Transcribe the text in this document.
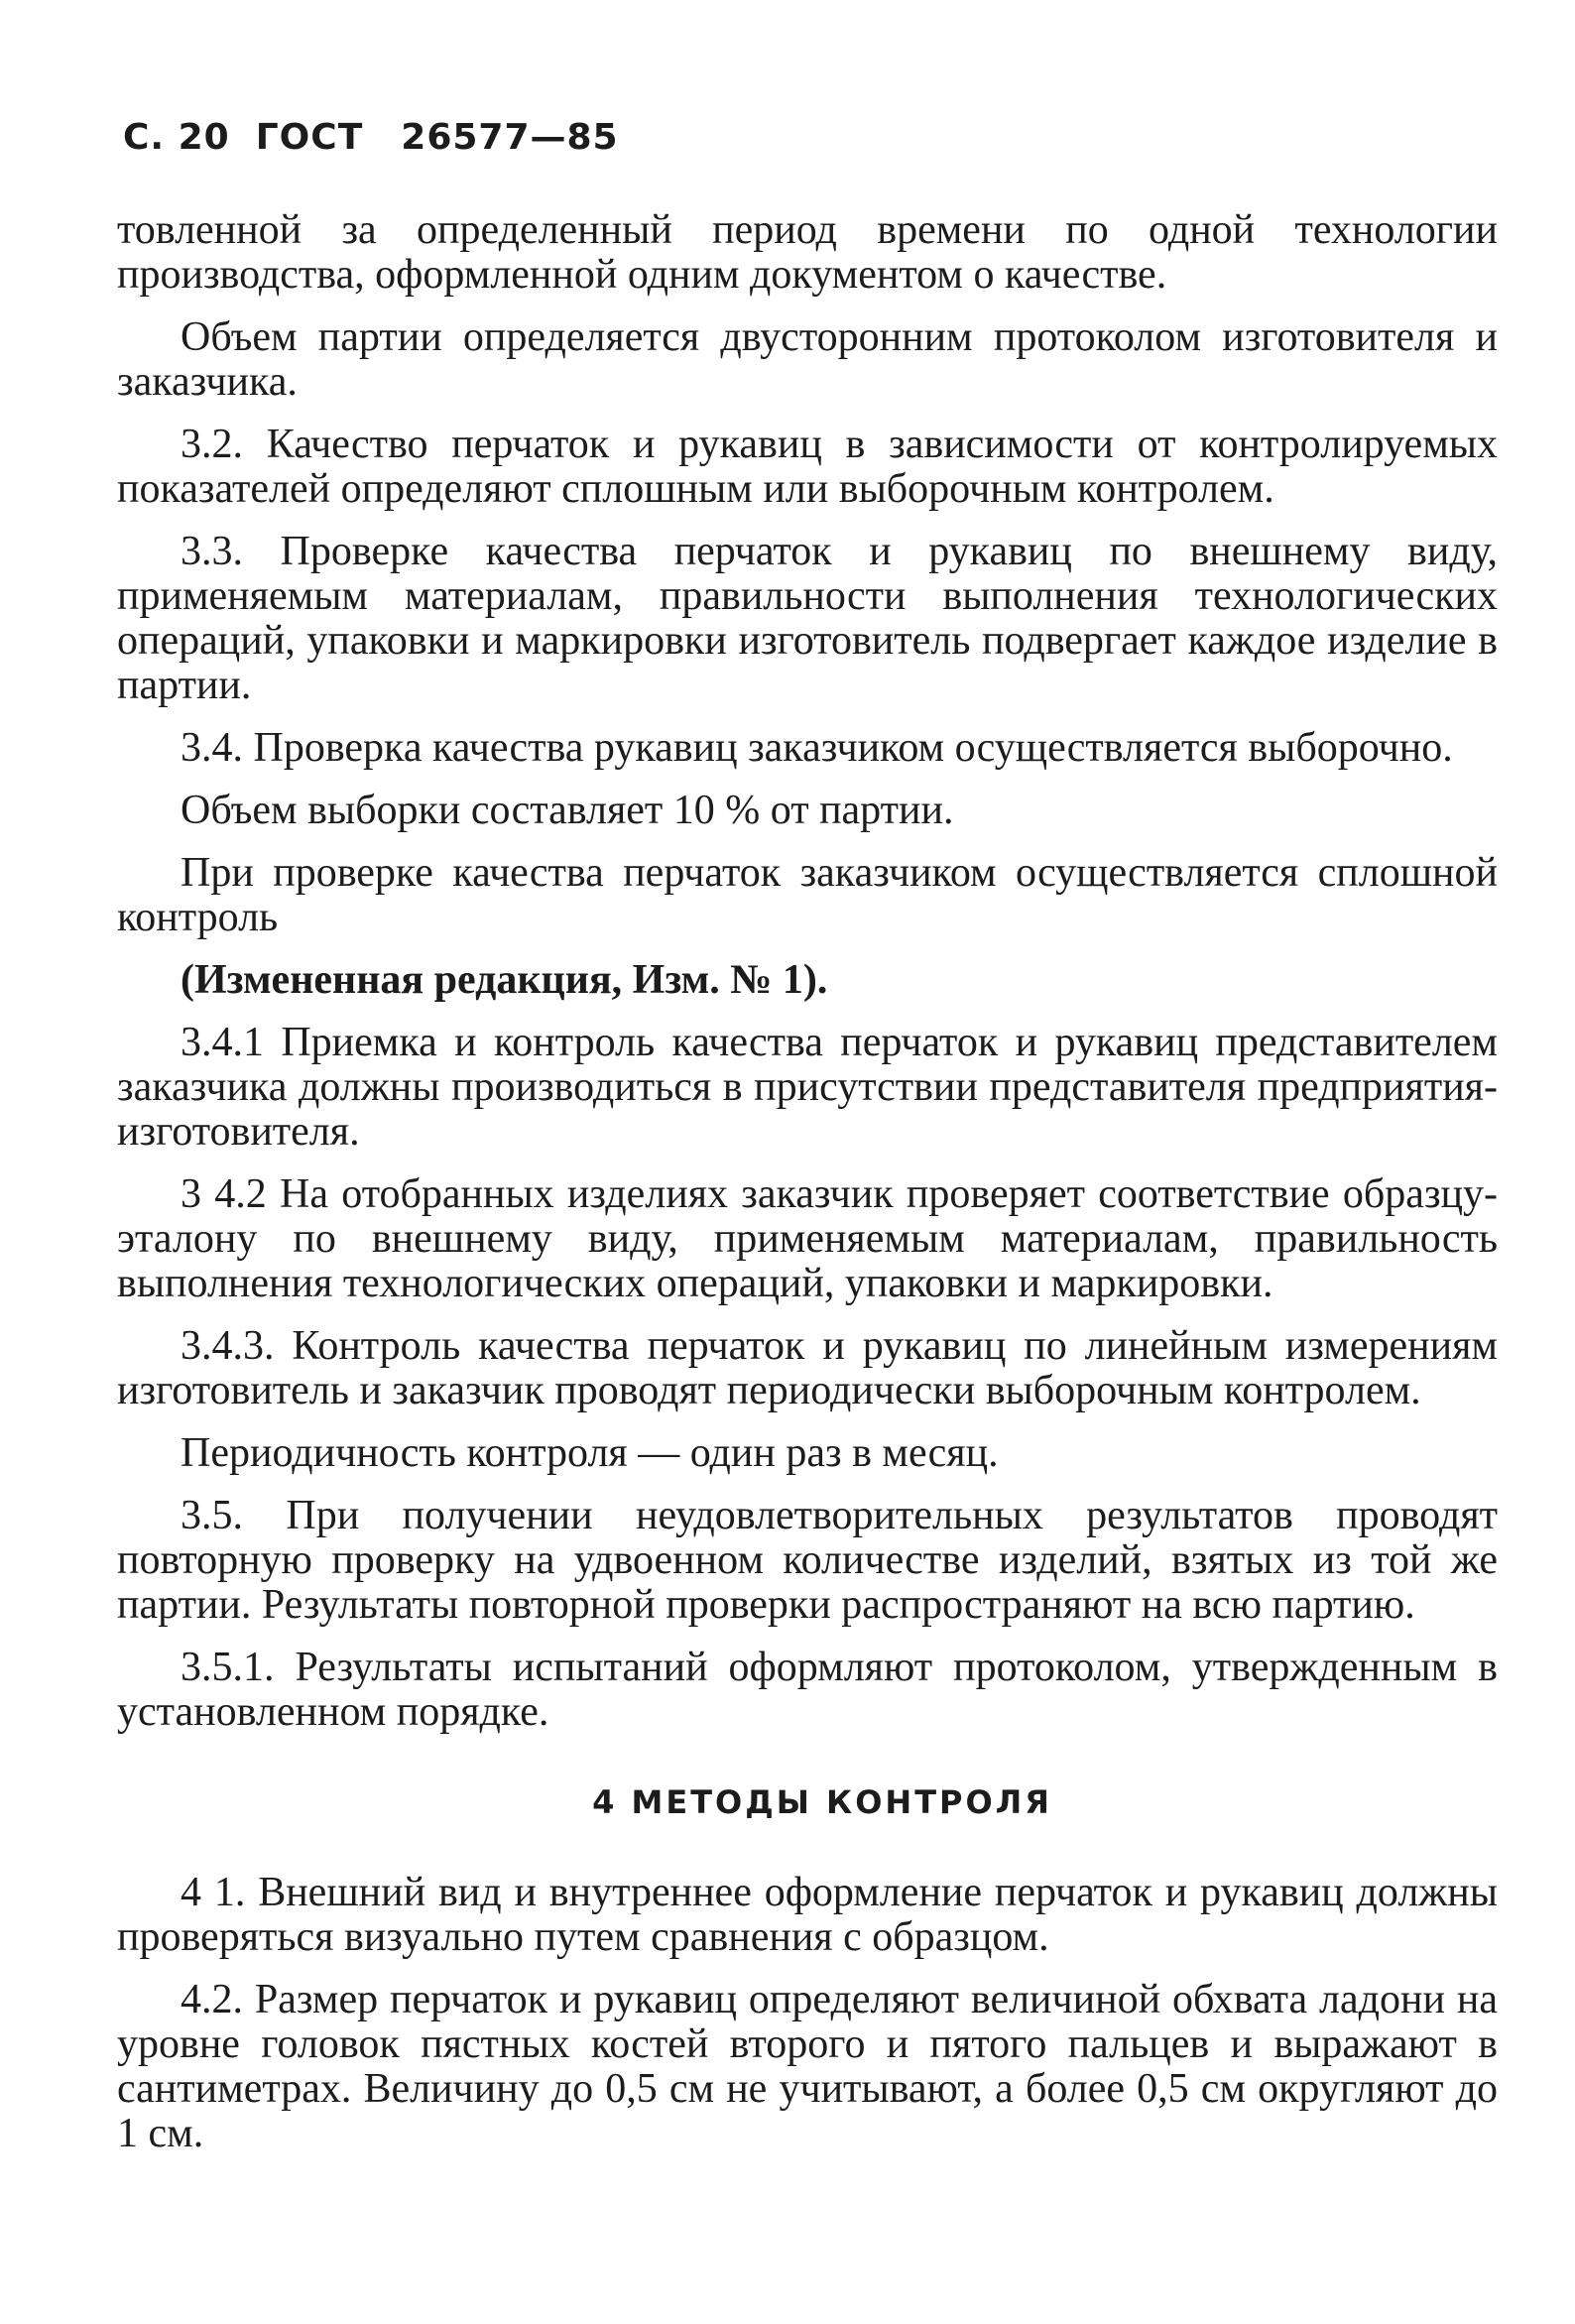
С. 20 ГОСТ 26577—85

товленной за определенный период времени по одной технологии производства, оформленной одним документом о качестве.

Объем партии определяется двусторонним протоколом изготовителя и заказчика.

3.2. Качество перчаток и рукавиц в зависимости от контролируемых показателей определяют сплошным или выборочным контролем.

3.3. Проверке качества перчаток и рукавиц по внешнему виду, применяемым материалам, правильности выполнения технологических операций, упаковки и маркировки изготовитель подвергает каждое изделие в партии.

3.4. Проверка качества рукавиц заказчиком осуществляется выборочно.

Объем выборки составляет 10 % от партии.

При проверке качества перчаток заказчиком осуществляется сплошной контроль

(Измененная редакция, Изм. № 1).

3.4.1 Приемка и контроль качества перчаток и рукавиц представителем заказчика должны производиться в присутствии представителя предприятия-изготовителя.

3 4.2 На отобранных изделиях заказчик проверяет соответствие образцу-эталону по внешнему виду, применяемым материалам, правильность выполнения технологических операций, упаковки и маркировки.

3.4.3. Контроль качества перчаток и рукавиц по линейным измерениям изготовитель и заказчик проводят периодически выборочным контролем.

Периодичность контроля — один раз в месяц.

3.5. При получении неудовлетворительных результатов проводят повторную проверку на удвоенном количестве изделий, взятых из той же партии. Результаты повторной проверки распространяют на всю партию.

3.5.1. Результаты испытаний оформляют протоколом, утвержденным в установленном порядке.

4 МЕТОДЫ КОНТРОЛЯ

4 1. Внешний вид и внутреннее оформление перчаток и рукавиц должны проверяться визуально путем сравнения с образцом.

4.2. Размер перчаток и рукавиц определяют величиной обхвата ладони на уровне головок пястных костей второго и пятого пальцев и выражают в сантиметрах. Величину до 0,5 см не учитывают, а более 0,5 см округляют до 1 см.
